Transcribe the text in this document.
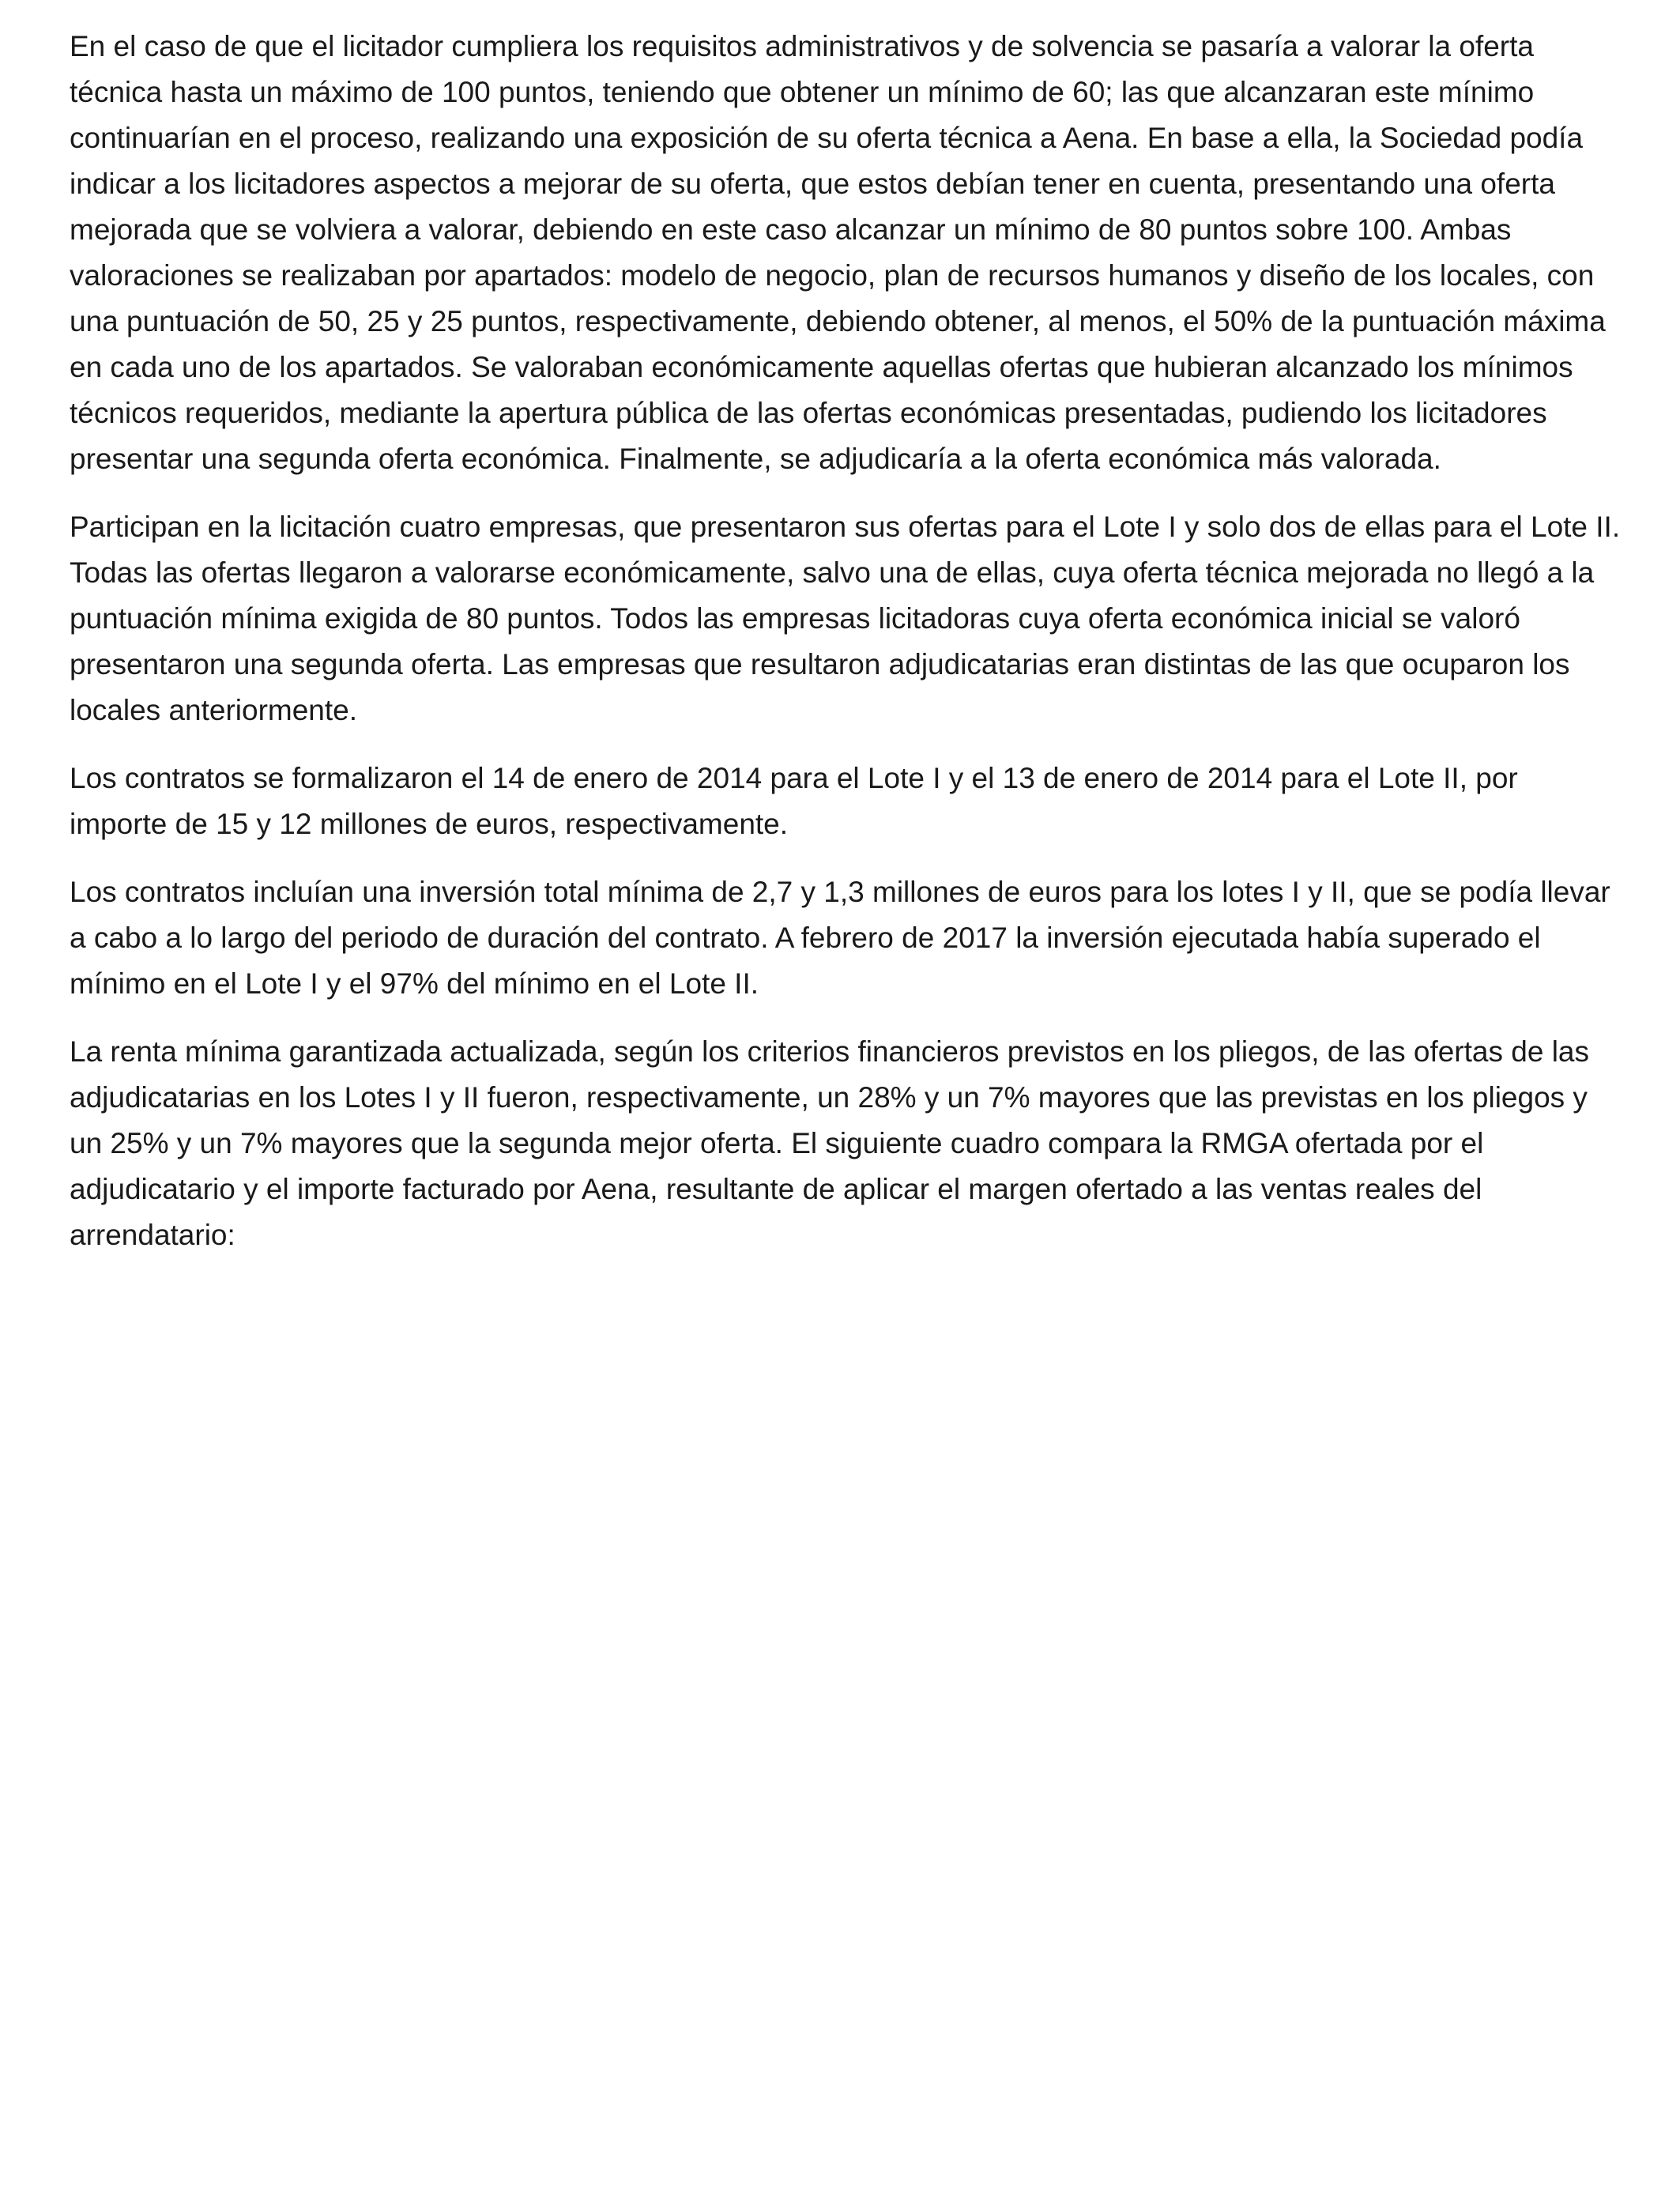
En el caso de que el licitador cumpliera los requisitos administrativos y de solvencia se pasaría a valorar la oferta técnica hasta un máximo de 100 puntos, teniendo que obtener un mínimo de 60; las que alcanzaran este mínimo continuarían en el proceso, realizando una exposición de su oferta técnica a Aena. En base a ella, la Sociedad podía indicar a los licitadores aspectos a mejorar de su oferta, que estos debían tener en cuenta, presentando una oferta mejorada que se volviera a valorar, debiendo en este caso alcanzar un mínimo de 80 puntos sobre 100. Ambas valoraciones se realizaban por apartados: modelo de negocio, plan de recursos humanos y diseño de los locales, con una puntuación de 50, 25 y 25 puntos, respectivamente, debiendo obtener, al menos, el 50% de la puntuación máxima en cada uno de los apartados. Se valoraban económicamente aquellas ofertas que hubieran alcanzado los mínimos técnicos requeridos, mediante la apertura pública de las ofertas económicas presentadas, pudiendo los licitadores presentar una segunda oferta económica. Finalmente, se adjudicaría a la oferta económica más valorada.

Participan en la licitación cuatro empresas, que presentaron sus ofertas para el Lote I y solo dos de ellas para el Lote II. Todas las ofertas llegaron a valorarse económicamente, salvo una de ellas, cuya oferta técnica mejorada no llegó a la puntuación mínima exigida de 80 puntos. Todos las empresas licitadoras cuya oferta económica inicial se valoró presentaron una segunda oferta. Las empresas que resultaron adjudicatarias eran distintas de las que ocuparon los locales anteriormente.

Los contratos se formalizaron el 14 de enero de 2014 para el Lote I y el 13 de enero de 2014 para el Lote II, por importe de 15 y 12 millones de euros, respectivamente.

Los contratos incluían una inversión total mínima de 2,7 y 1,3 millones de euros para los lotes I y II, que se podía llevar a cabo a lo largo del periodo de duración del contrato. A febrero de 2017 la inversión ejecutada había superado el mínimo en el Lote I y el 97% del mínimo en el Lote II.

La renta mínima garantizada actualizada, según los criterios financieros previstos en los pliegos, de las ofertas de las adjudicatarias en los Lotes I y II fueron, respectivamente, un 28% y un 7% mayores que las previstas en los pliegos y un 25% y un 7% mayores que la segunda mejor oferta. El siguiente cuadro compara la RMGA ofertada por el adjudicatario y el importe facturado por Aena, resultante de aplicar el margen ofertado a las ventas reales del arrendatario:
